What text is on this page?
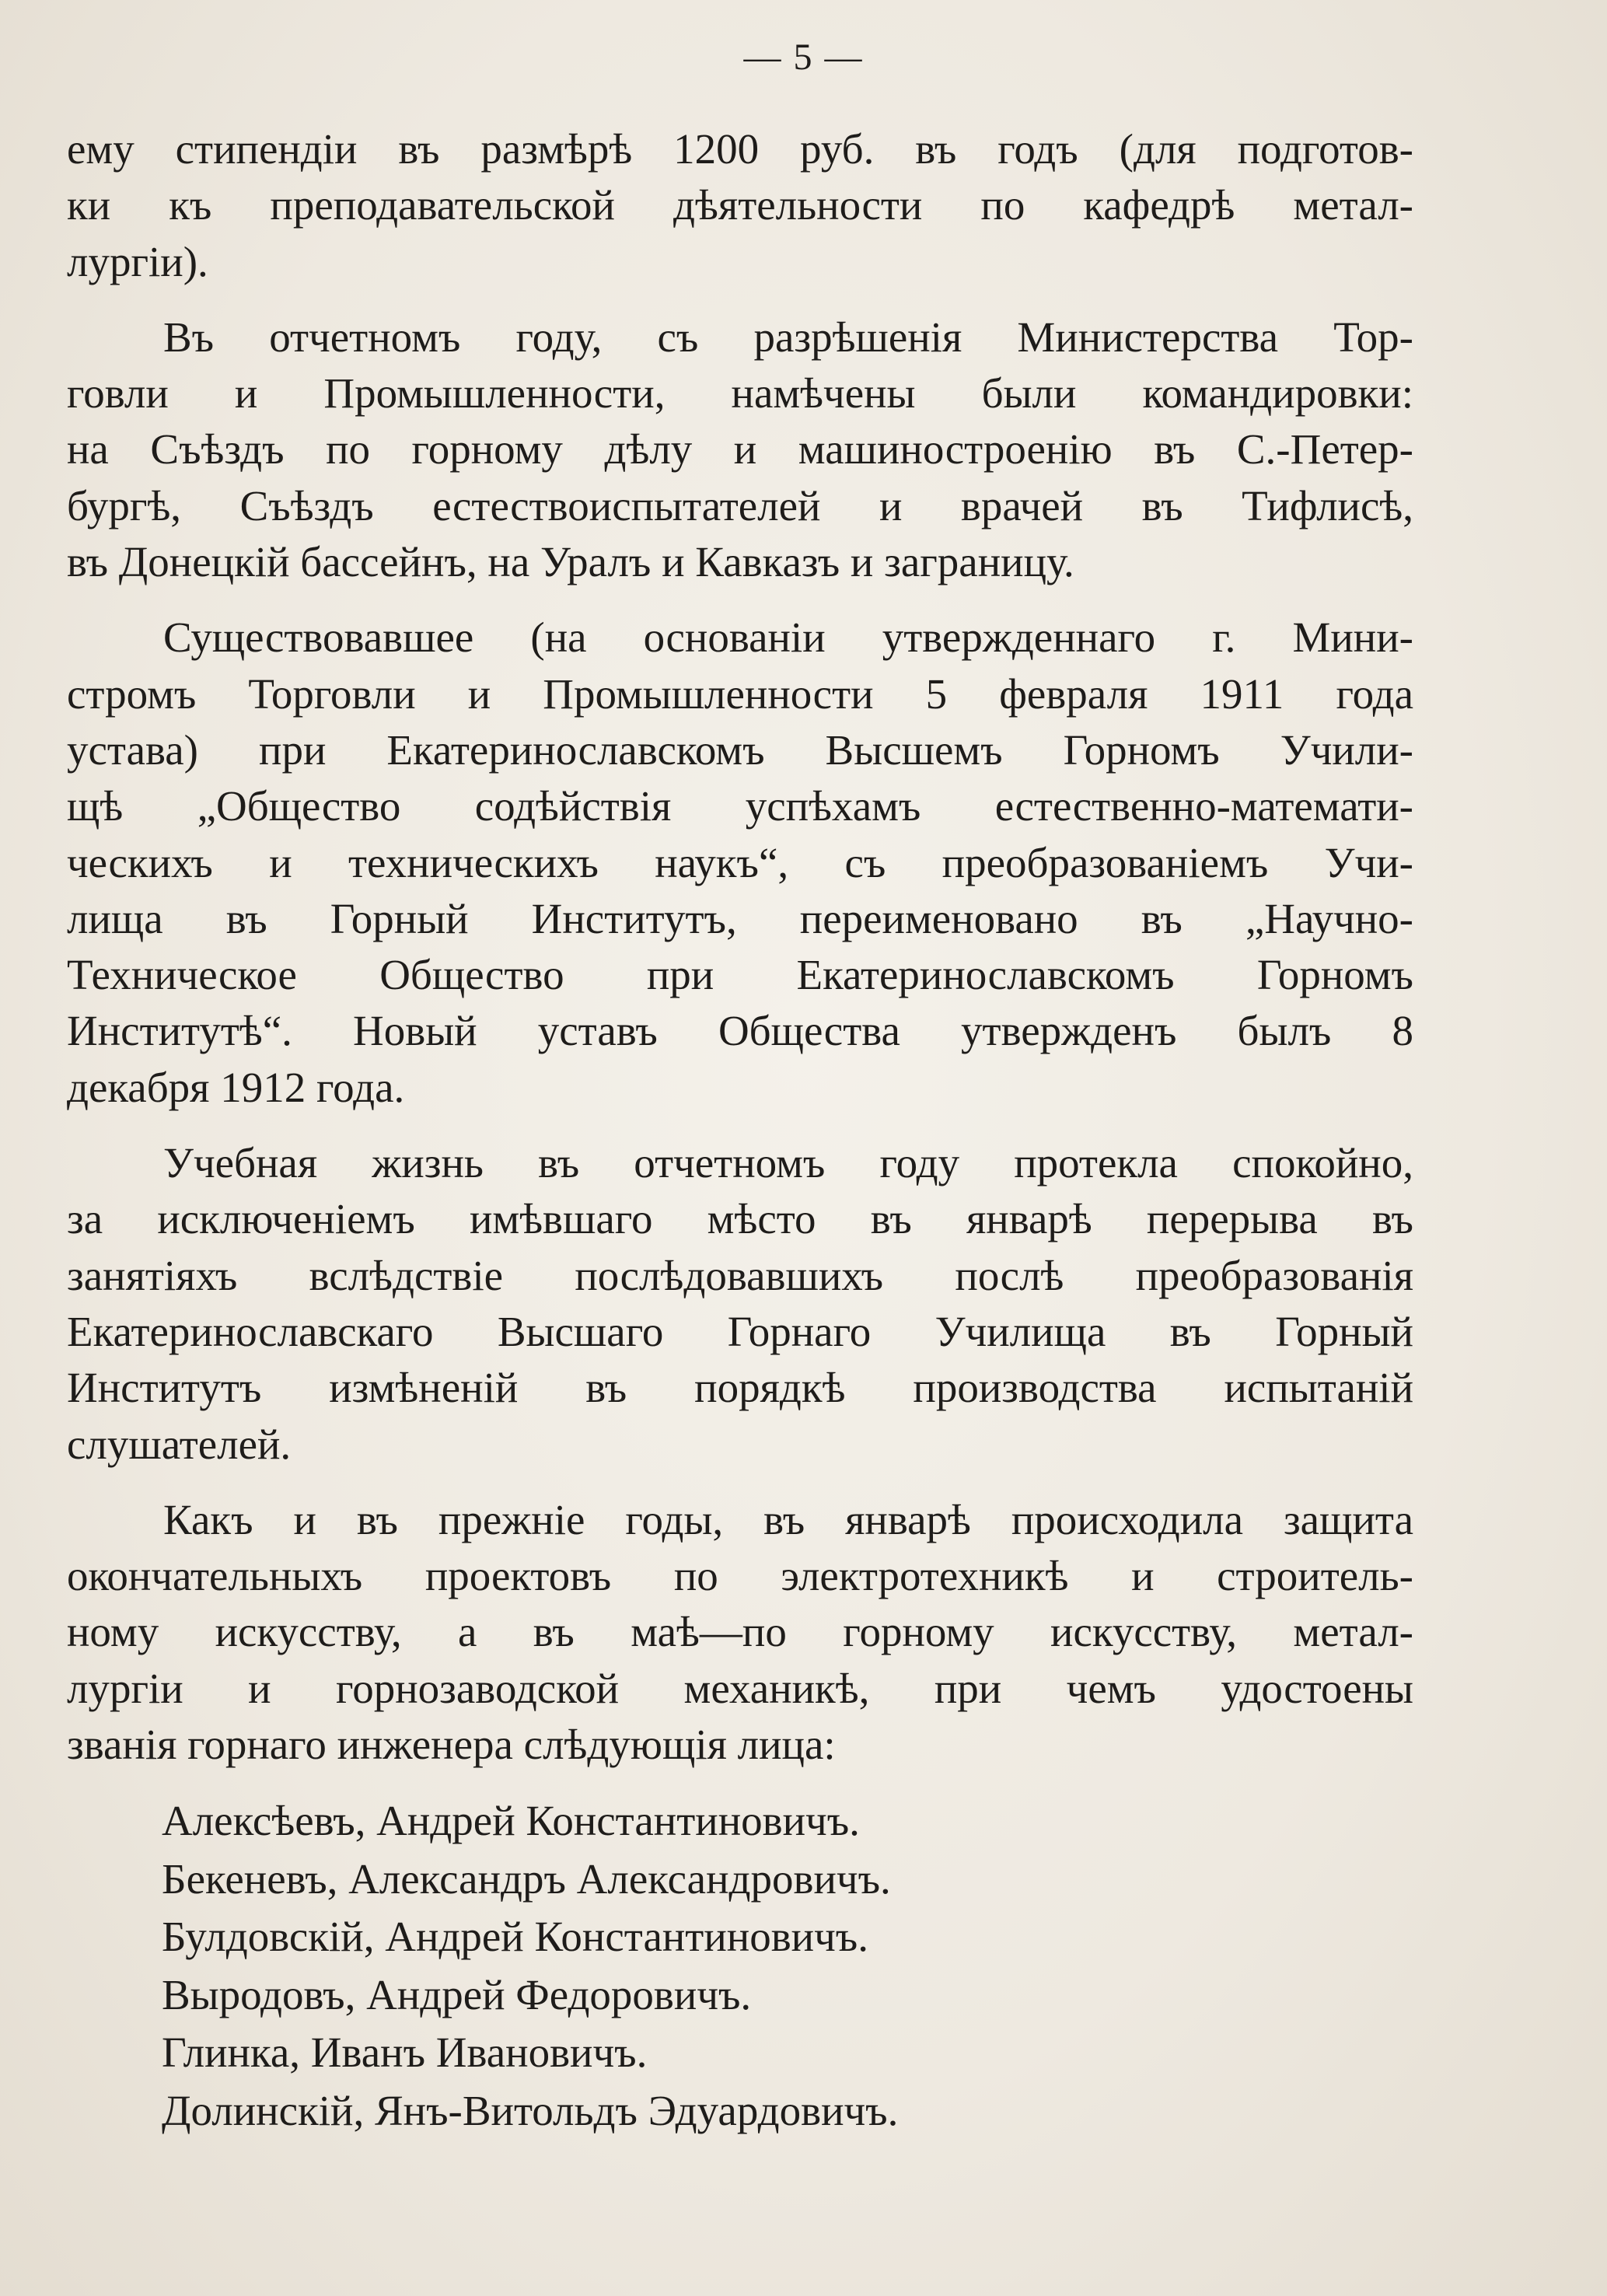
— 5 —
ему стипендiи въ размѣрѣ 1200 руб. въ годъ (для подготов-
ки къ преподавательской дѣятельности по кафедрѣ метал-
лургiи).
Въ отчетномъ году, съ разрѣшенiя Министерства Тор-
говли и Промышленности, намѣчены были командировки:
на Съѣздъ по горному дѣлу и машиностроенiю въ С.-Петер-
бургѣ, Съѣздъ естествоиспытателей и врачей въ Тифлисѣ,
въ Донецкiй бассейнъ, на Уралъ и Кавказъ и заграницу.
Существовавшее (на основанiи утвержденнаго г. Мини-
стромъ Торговли и Промышленности 5 февраля 1911 года
устава) при Екатеринославскомъ Высшемъ Горномъ Учили-
щѣ „Общество содѣйствiя успѣхамъ естественно-математи-
ческихъ и техническихъ наукъ“, съ преобразованiемъ Учи-
лища въ Горный Институтъ, переименовано въ „Научно-
Техническое Общество при Екатеринославскомъ Горномъ
Институтѣ“. Новый уставъ Общества утвержденъ былъ 8
декабря 1912 года.
Учебная жизнь въ отчетномъ году протекла спокойно,
за исключенiемъ имѣвшаго мѣсто въ январѣ перерыва въ
занятiяхъ вслѣдствiе послѣдовавшихъ послѣ преобразованiя
Екатеринославскаго Высшаго Горнаго Училища въ Горный
Институтъ измѣненiй въ порядкѣ производства испытанiй
слушателей.
Какъ и въ прежнiе годы, въ январѣ происходила защита
окончательныхъ проектовъ по электротехникѣ и строитель-
ному искусству, а въ маѣ—по горному искусству, метал-
лургiи и горнозаводской механикѣ, при чемъ удостоены
званiя горнаго инженера слѣдующiя лица:
Алексѣевъ, Андрей Константиновичъ.
Бекеневъ, Александръ Александровичъ.
Булдовскiй, Андрей Константиновичъ.
Выродовъ, Андрей Федоровичъ.
Глинка, Иванъ Ивановичъ.
Долинскiй, Янъ-Витольдъ Эдуардовичъ.
